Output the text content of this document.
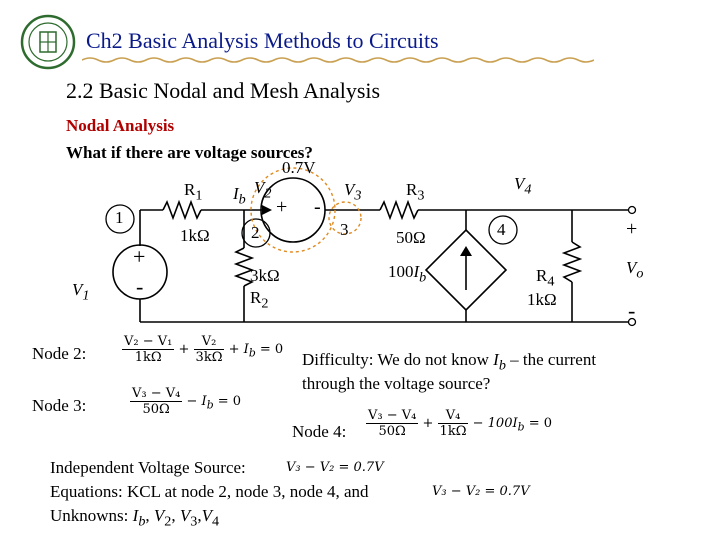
Ch2 Basic Analysis Methods to Circuits
2.2 Basic Nodal and Mesh Analysis
Nodal Analysis
What if there are voltage sources?
0.7V
$R_1$ $I_b$
$V_2$
+ -
$V_3$	$R_3$
$V_4$
1
1kΩ 2	3	50Ω	4	+
$V_1$
+
-	3kΩ
$R_2$
$100I_b$	$R_4$
1kΩ
$V_o$
-
Node 2:	$\frac{\text{V₂ − V₁}}{1k\Omega} + \frac{\text{V₂}}{3k\Omega} + I_b = 0$
Difficulty: We do not know $I_b$ – the current
through the voltage source?
Node 3:	$\frac{\text{V₃ − V₄}}{50\Omega} - I_b = 0$
Node 4: $\frac{\text{V₃ − V₄}}{50\Omega} + \frac{\text{V₄}}{1k\Omega} - 100I_b = 0$
Independent Voltage Source:	V₃ − V₂ = 0.7V
Equations: KCL at node 2, node 3, node 4, and	V₃ − V₂ = 0.7V
Unknowns: $I_b$, $V_2$, $V_3,V_4$
